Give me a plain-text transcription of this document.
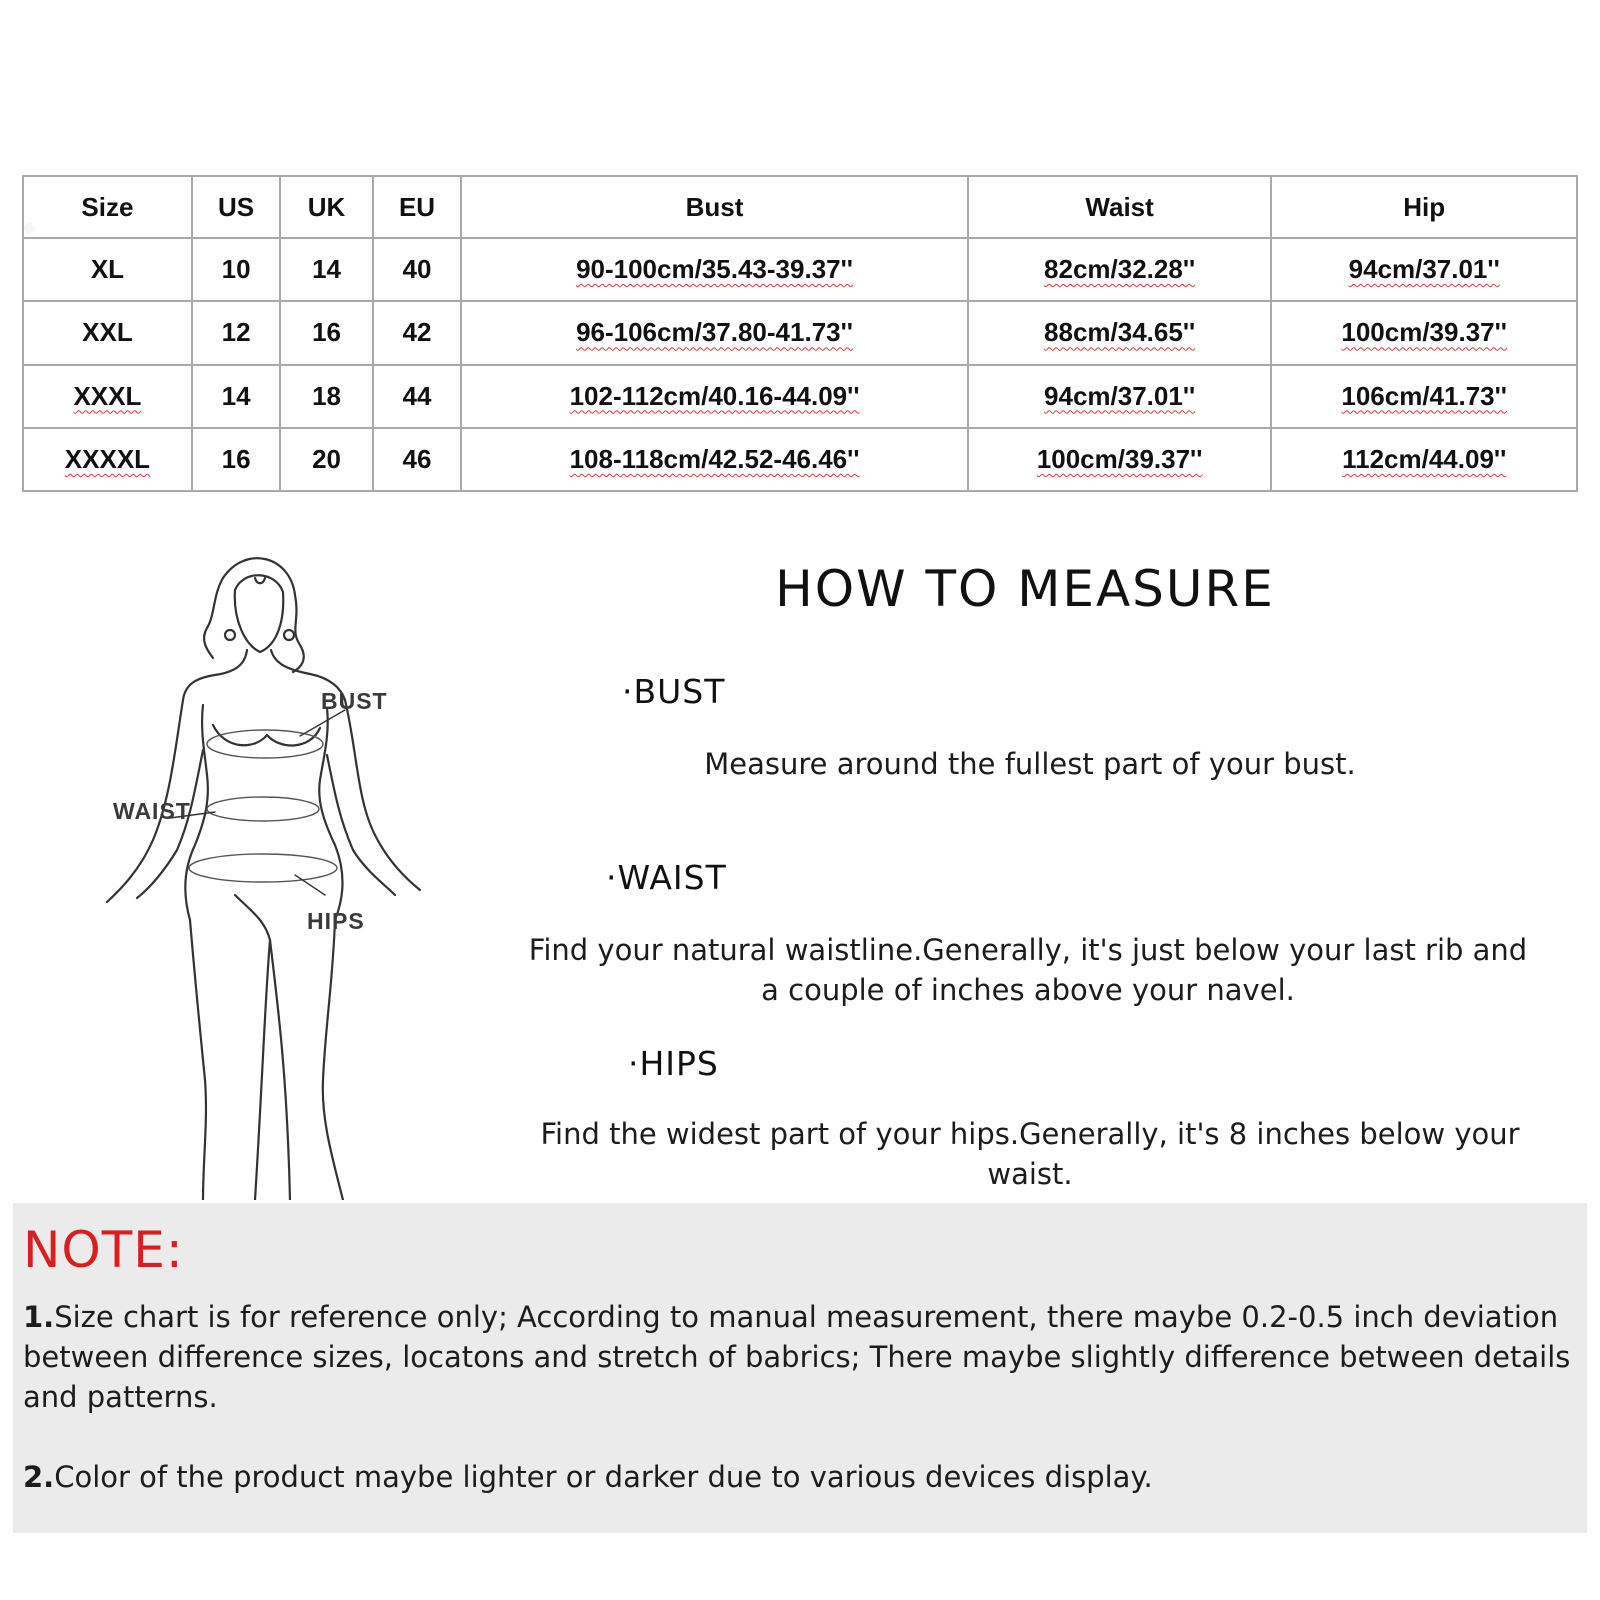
Size	US	UK	EU	Bust	Waist	Hip
XL	10	14	40	90-100cm/35.43-39.37''	82cm/32.28''	94cm/37.01''
XXL	12	16	42	96-106cm/37.80-41.73''	88cm/34.65''	100cm/39.37''
XXXL	14	18	44	102-112cm/40.16-44.09''	94cm/37.01''	106cm/41.73''
XXXXL	16	20	46	108-118cm/42.52-46.46''	100cm/39.37''	112cm/44.09''
BUST
WAIST
HIPS
HOW TO MEASURE
·BUST
Measure around the fullest part of your bust.
·WAIST
Find your natural waistline.Generally, it's just below your last rib and a couple of inches above your navel.
·HIPS
Find the widest part of your hips.Generally, it's 8 inches below your waist.
NOTE:
1.Size chart is for reference only; According to manual measurement, there maybe 0.2-0.5 inch deviation between difference sizes, locatons and stretch of babrics; There maybe slightly difference between details and patterns.
2.Color of the product maybe lighter or darker due to various devices display.
